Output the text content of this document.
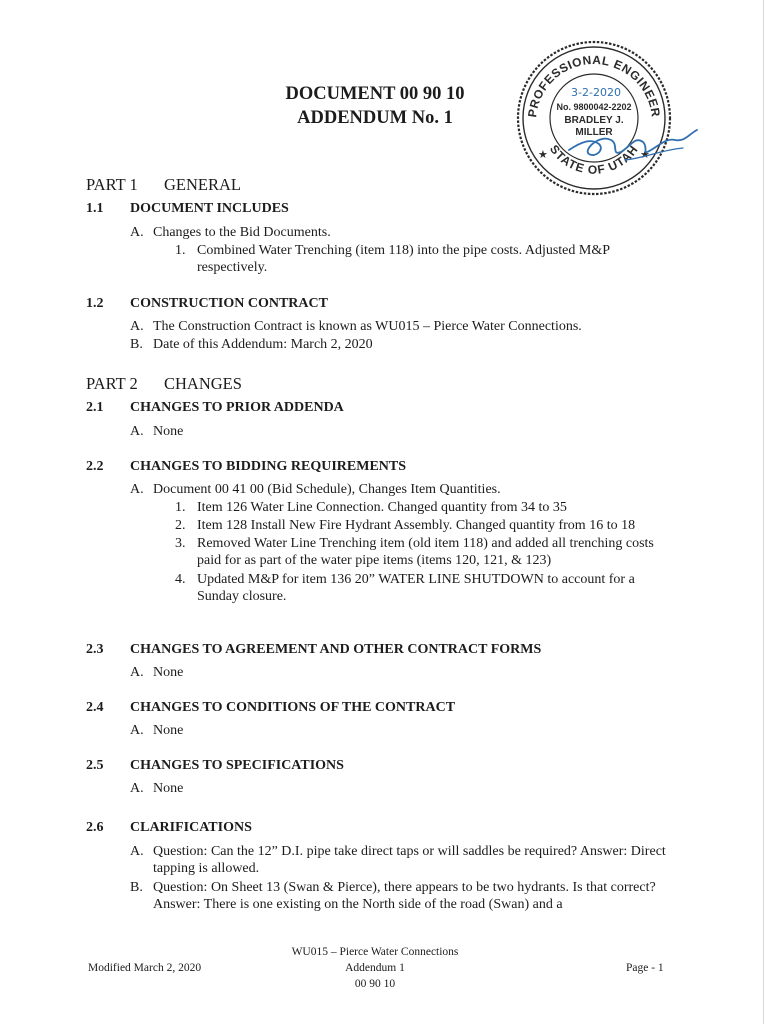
DOCUMENT 00 90 10
ADDENDUM No. 1	PROFESSIONAL ENGINEER
STATE OF UTAH
★	★
3-2-2020
No. 9800042-2202
BRADLEY J.
MILLER
PART 1 GENERAL
1.1 DOCUMENT INCLUDES
A. Changes to the Bid Documents.
1. Combined Water Trenching (item 118) into the pipe costs. Adjusted M&P respectively.
1.2 CONSTRUCTION CONTRACT
A. The Construction Contract is known as WU015 – Pierce Water Connections.
B. Date of this Addendum: March 2, 2020
PART 2 CHANGES
2.1 CHANGES TO PRIOR ADDENDA
A. None
2.2 CHANGES TO BIDDING REQUIREMENTS
A. Document 00 41 00 (Bid Schedule), Changes Item Quantities.
1. Item 126 Water Line Connection. Changed quantity from 34 to 35
2. Item 128 Install New Fire Hydrant Assembly. Changed quantity from 16 to 18
3. Removed Water Line Trenching item (old item 118) and added all trenching costs paid for as part of the water pipe items (items 120, 121, & 123)
4. Updated M&P for item 136 20” WATER LINE SHUTDOWN to account for a Sunday closure.
2.3 CHANGES TO AGREEMENT AND OTHER CONTRACT FORMS
A. None
2.4 CHANGES TO CONDITIONS OF THE CONTRACT
A. None
2.5 CHANGES TO SPECIFICATIONS
A. None
2.6 CLARIFICATIONS
A. Question: Can the 12” D.I. pipe take direct taps or will saddles be required? Answer: Direct tapping is allowed.
B. Question: On Sheet 13 (Swan & Pierce), there appears to be two hydrants. Is that correct? Answer: There is one existing on the North side of the road (Swan) and a
Modified March 2, 2020
WU015 – Pierce Water Connections
Addendum 1
00 90 10
Page - 1
